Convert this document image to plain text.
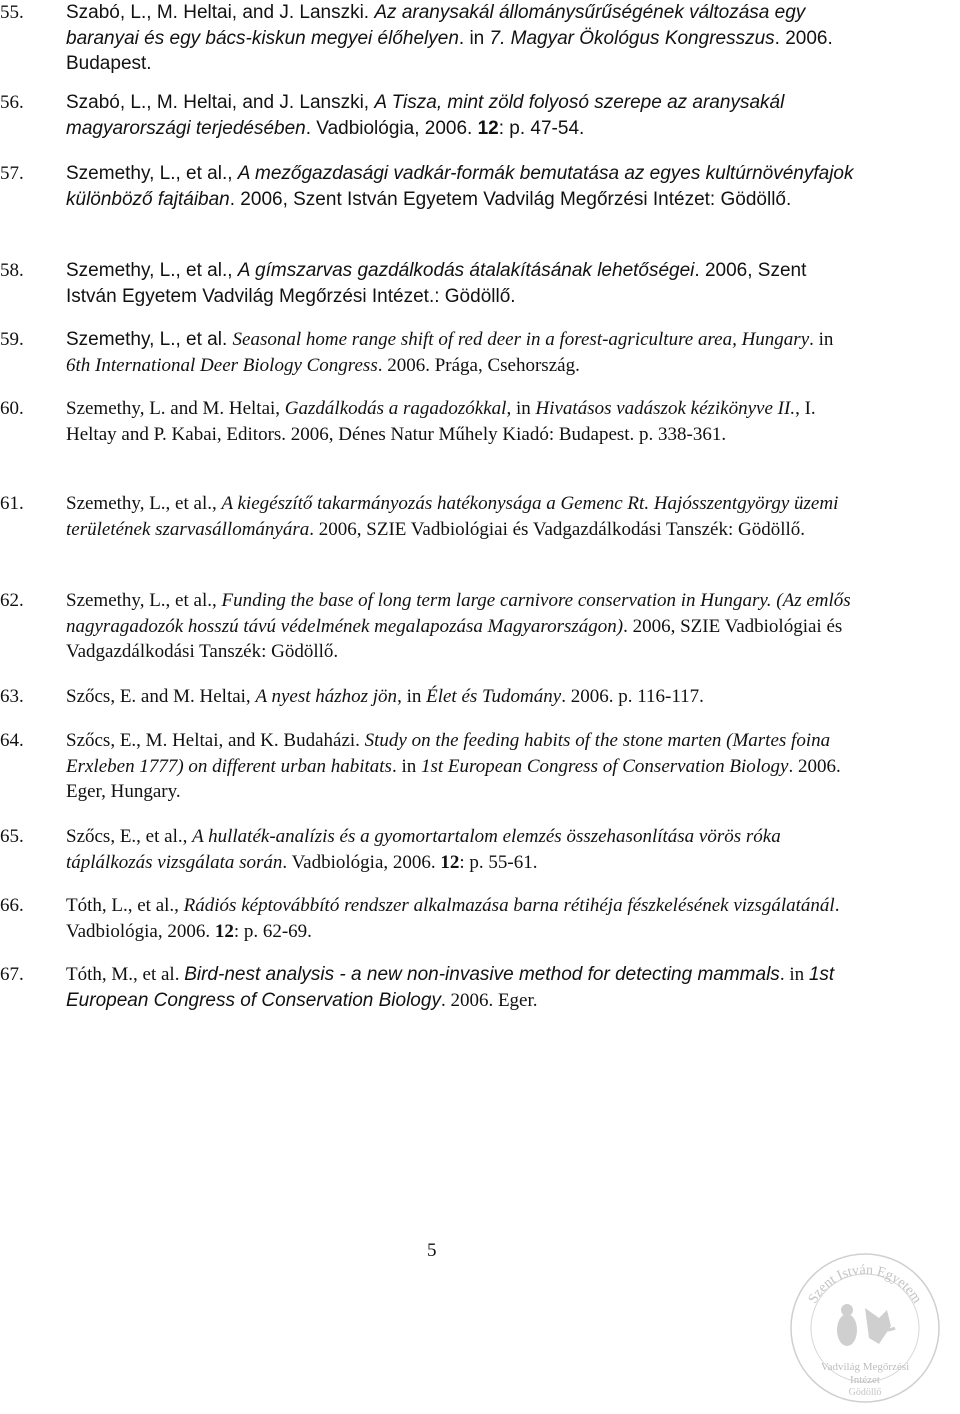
55.	Szabó, L., M. Heltai, and J. Lanszki. Az aranysakál állománysűrűségének változása egy baranyai és egy bács-kiskun megyei élőhelyen. in 7. Magyar Ökológus Kongresszus. 2006. Budapest.
56.	Szabó, L., M. Heltai, and J. Lanszki, A Tisza, mint zöld folyosó szerepe az aranysakál magyarországi terjedésében. Vadbiológia, 2006. 12: p. 47-54.
57.	Szemethy, L., et al., A mezőgazdasági vadkár-formák bemutatása az egyes kultúrnövényfajok különböző fajtáiban. 2006, Szent István Egyetem Vadvilág Megőrzési Intézet: Gödöllő.
58.	Szemethy, L., et al., A gímszarvas gazdálkodás átalakításának lehetőségei. 2006, Szent István Egyetem Vadvilág Megőrzési Intézet.: Gödöllő.
59.	Szemethy, L., et al. Seasonal home range shift of red deer in a forest-agriculture area, Hungary. in 6th International Deer Biology Congress. 2006. Prága, Csehország.
60.	Szemethy, L. and M. Heltai, Gazdálkodás a ragadozókkal, in Hivatásos vadászok kézikönyve II., I. Heltay and P. Kabai, Editors. 2006, Dénes Natur Műhely Kiadó: Budapest. p. 338-361.
61.	Szemethy, L., et al., A kiegészítő takarmányozás hatékonysága a Gemenc Rt. Hajósszentgyörgy üzemi területének szarvasállományára. 2006, SZIE Vadbiológiai és Vadgazdálkodási Tanszék: Gödöllő.
62.	Szemethy, L., et al., Funding the base of long term large carnivore conservation in Hungary. (Az emlős nagyragadozók hosszú távú védelmének megalapozása Magyarországon). 2006, SZIE Vadbiológiai és Vadgazdálkodási Tanszék: Gödöllő.
63.	Szőcs, E. and M. Heltai, A nyest házhoz jön, in Élet és Tudomány. 2006. p. 116-117.
64.	Szőcs, E., M. Heltai, and K. Budaházi. Study on the feeding habits of the stone marten (Martes foina Erxleben 1777) on different urban habitats. in 1st European Congress of Conservation Biology. 2006. Eger, Hungary.
65.	Szőcs, E., et al., A hullaték-analízis és a gyomortartalom elemzés összehasonlítása vörös róka táplálkozás vizsgálata során. Vadbiológia, 2006. 12: p. 55-61.
66.	Tóth, L., et al., Rádiós képtovábbító rendszer alkalmazása barna rétihéja fészkelésének vizsgálatánál. Vadbiológia, 2006. 12: p. 62-69.
67.	Tóth, M., et al. Bird-nest analysis - a new non-invasive method for detecting mammals. in 1st European Congress of Conservation Biology. 2006. Eger.
5
Szent István Egyetem
Vadvilág Megőrzési
Intézet
Gödöllő
